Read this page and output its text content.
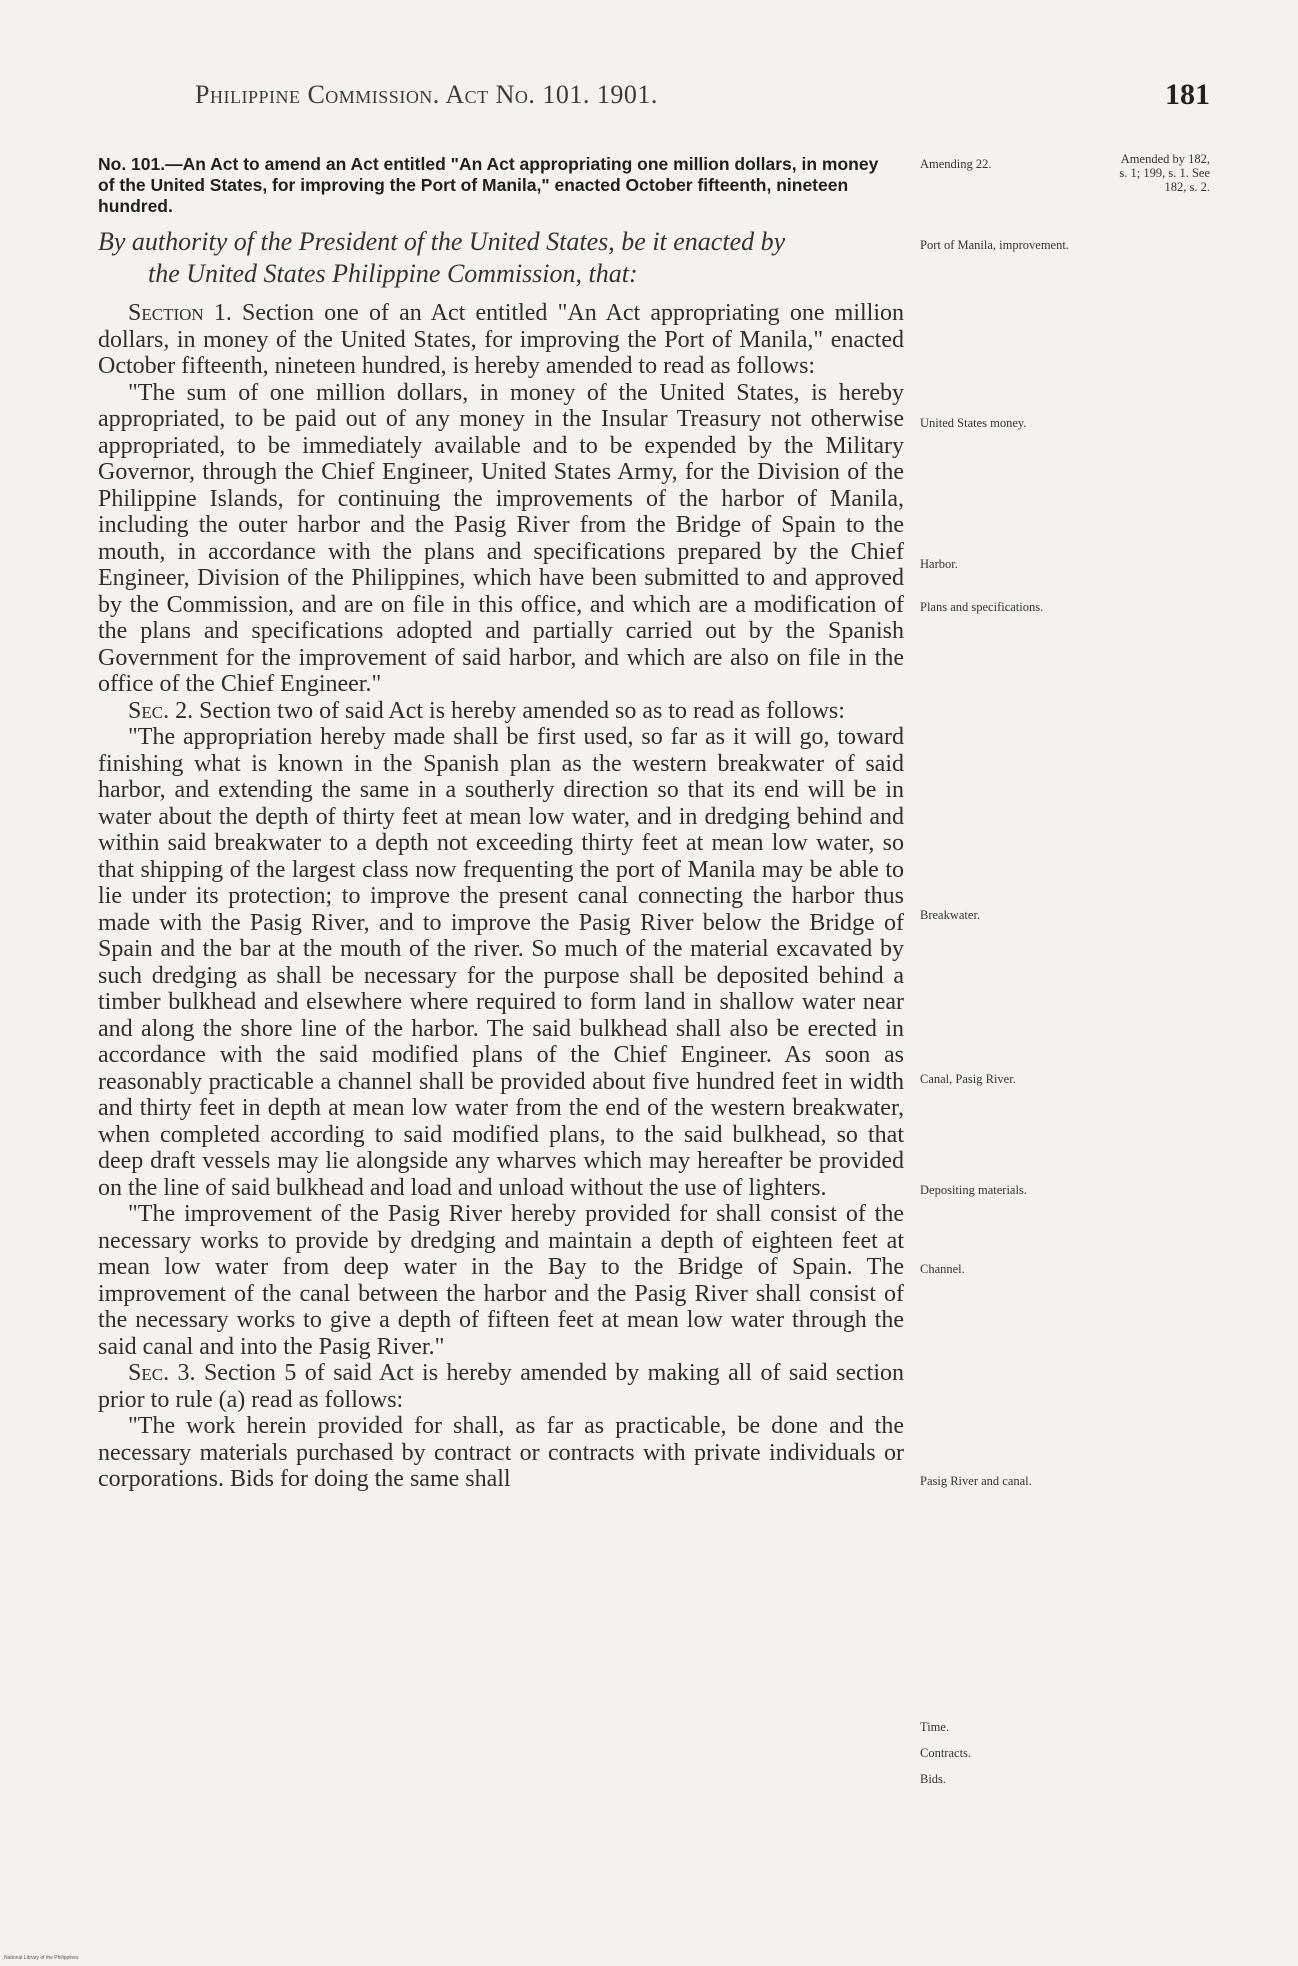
Philippine Commission. Act No. 101. 1901.	181
No. 101.—An Act to amend an Act entitled "An Act appropriating one million dollars, in money of the United States, for improving the Port of Manila," enacted October fifteenth, nineteen hundred.
By authority of the President of the United States, be it enacted by
the United States Philippine Commission, that:

Section 1. Section one of an Act entitled "An Act appropriating one million dollars, in money of the United States, for improving the Port of Manila," enacted October fifteenth, nineteen hundred, is hereby amended to read as follows:

"The sum of one million dollars, in money of the United States, is hereby appropriated, to be paid out of any money in the Insular Treasury not otherwise appropriated, to be immediately available and to be expended by the Military Governor, through the Chief Engineer, United States Army, for the Division of the Philippine Islands, for continuing the improvements of the harbor of Manila, including the outer harbor and the Pasig River from the Bridge of Spain to the mouth, in accordance with the plans and specifications prepared by the Chief Engineer, Division of the Philippines, which have been submitted to and approved by the Commission, and are on file in this office, and which are a modification of the plans and specifications adopted and partially carried out by the Spanish Government for the improvement of said harbor, and which are also on file in the office of the Chief Engineer."

Sec. 2. Section two of said Act is hereby amended so as to read as follows:

"The appropriation hereby made shall be first used, so far as it will go, toward finishing what is known in the Spanish plan as the western breakwater of said harbor, and extending the same in a southerly direction so that its end will be in water about the depth of thirty feet at mean low water, and in dredging behind and within said breakwater to a depth not exceeding thirty feet at mean low water, so that shipping of the largest class now frequenting the port of Manila may be able to lie under its protection; to improve the present canal connecting the harbor thus made with the Pasig River, and to improve the Pasig River below the Bridge of Spain and the bar at the mouth of the river. So much of the material excavated by such dredging as shall be necessary for the purpose shall be deposited behind a timber bulkhead and elsewhere where required to form land in shallow water near and along the shore line of the harbor. The said bulkhead shall also be erected in accordance with the said modified plans of the Chief Engineer. As soon as reasonably practicable a channel shall be provided about five hundred feet in width and thirty feet in depth at mean low water from the end of the western breakwater, when completed according to said modified plans, to the said bulkhead, so that deep draft vessels may lie alongside any wharves which may hereafter be provided on the line of said bulkhead and load and unload without the use of lighters.

"The improvement of the Pasig River hereby provided for shall consist of the necessary works to provide by dredging and maintain a depth of eighteen feet at mean low water from deep water in the Bay to the Bridge of Spain. The improvement of the canal between the harbor and the Pasig River shall consist of the necessary works to give a depth of fifteen feet at mean low water through the said canal and into the Pasig River."

Sec. 3. Section 5 of said Act is hereby amended by making all of said section prior to rule (a) read as follows:

"The work herein provided for shall, as far as practicable, be done and the necessary materials purchased by contract or contracts with private individuals or corporations. Bids for doing the same shall

Amending 22.	Amended by 182, s. 1; 199, s. 1. See 182, s. 2.
Port of Manila, improvement.
United States money.
Harbor.
Plans and specifications.
Breakwater.
Canal, Pasig River.
Depositing materials.
Channel.
Pasig River and canal.
Time.
Contracts.
Bids.
National Library of the Philippines
